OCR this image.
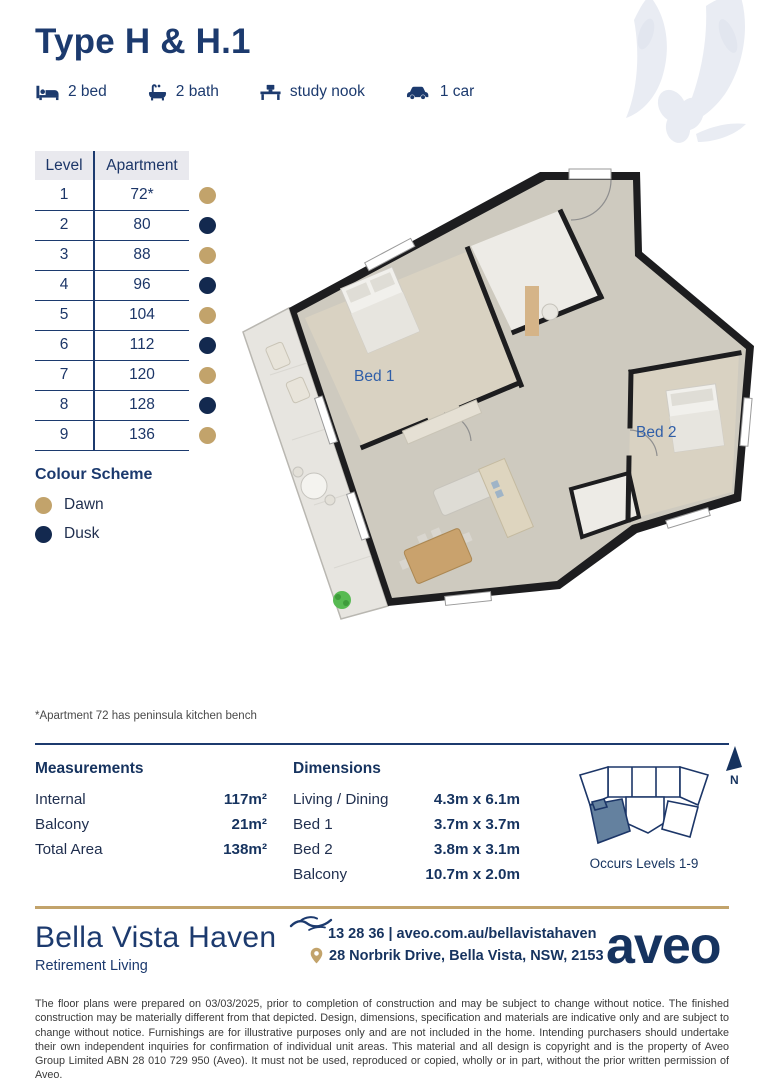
Type H & H.1
2 bed	2 bath	study nook	1 car
Level	Apartment
1	72*
2	80
3	88
4	96
5	104
6	112
7	120
8	128
9	136
Colour Scheme
Dawn
Dusk
Bed 1
Bed 2
*Apartment 72 has peninsula kitchen bench
Measurements
Internal	117m²
Balcony	21m²
Total Area	138m²
Dimensions
Living / Dining	4.3m x 6.1m
Bed 1	3.7m x 3.7m
Bed 2	3.8m x 3.1m
Balcony	10.7m x 2.0m
Occurs Levels 1-9
N
Bella Vista Haven
Retirement Living
13 28 36 | aveo.com.au/bellavistahaven
28 Norbrik Drive, Bella Vista, NSW, 2153 aveo
The floor plans were prepared on 03/03/2025, prior to completion of construction and may be subject to change without notice. The finished construction may be materially different from that depicted. Design, dimensions, specification and materials are indicative only and are subject to change without notice. Furnishings are for illustrative purposes only and are not included in the home. Intending purchasers should undertake their own independent inquiries for confirmation of individual unit areas. This material and all design is copyright and is the property of Aveo Group Limited ABN 28 010 729 950 (Aveo). It must not be used, reproduced or copied, wholly or in part, without the prior written permission of Aveo.
